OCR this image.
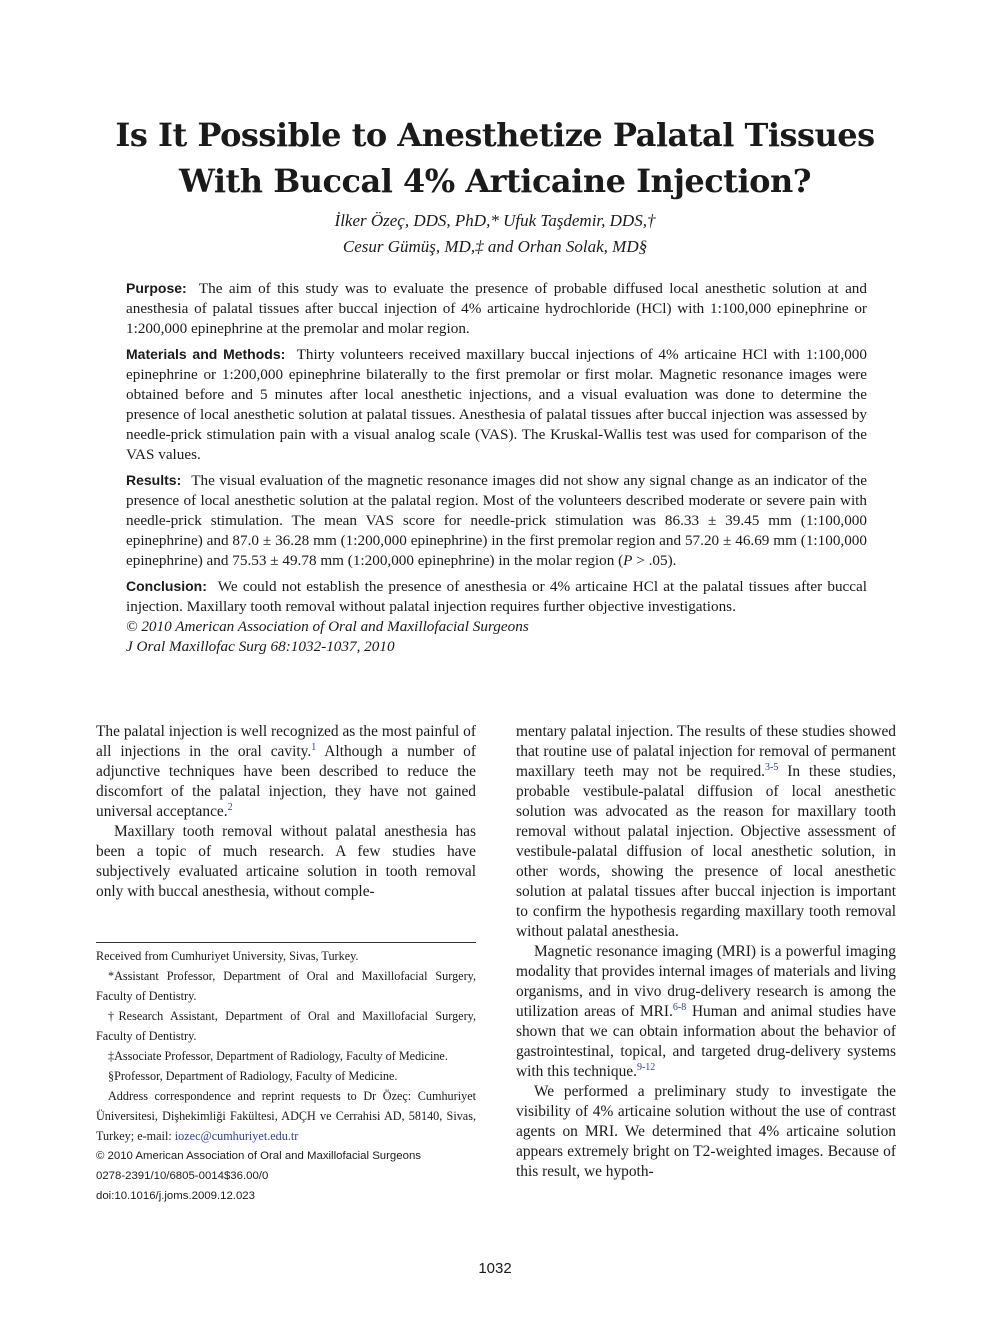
Is It Possible to Anesthetize Palatal Tissues
With Buccal 4% Articaine Injection?
İlker Özeç, DDS, PhD,* Ufuk Taşdemir, DDS,†
Cesur Gümüş, MD,‡ and Orhan Solak, MD§

Purpose: The aim of this study was to evaluate the presence of probable diffused local anesthetic solution at and anesthesia of palatal tissues after buccal injection of 4% articaine hydrochloride (HCl) with 1:100,000 epinephrine or 1:200,000 epinephrine at the premolar and molar region.

Materials and Methods: Thirty volunteers received maxillary buccal injections of 4% articaine HCl with 1:100,000 epinephrine or 1:200,000 epinephrine bilaterally to the first premolar or first molar. Magnetic resonance images were obtained before and 5 minutes after local anesthetic injections, and a visual evaluation was done to determine the presence of local anesthetic solution at palatal tissues. Anesthesia of palatal tissues after buccal injection was assessed by needle-prick stimulation pain with a visual analog scale (VAS). The Kruskal-Wallis test was used for comparison of the VAS values.

Results: The visual evaluation of the magnetic resonance images did not show any signal change as an indicator of the presence of local anesthetic solution at the palatal region. Most of the volunteers described moderate or severe pain with needle-prick stimulation. The mean VAS score for needle-prick stimulation was 86.33 ± 39.45 mm (1:100,000 epinephrine) and 87.0 ± 36.28 mm (1:200,000 epinephrine) in the first premolar region and 57.20 ± 46.69 mm (1:100,000 epinephrine) and 75.53 ± 49.78 mm (1:200,000 epinephrine) in the molar region (P > .05).

Conclusion: We could not establish the presence of anesthesia or 4% articaine HCl at the palatal tissues after buccal injection. Maxillary tooth removal without palatal injection requires further objective investigations.

© 2010 American Association of Oral and Maxillofacial Surgeons

J Oral Maxillofac Surg 68:1032-1037, 2010

The palatal injection is well recognized as the most painful of all injections in the oral cavity.$^1$ Although a number of adjunctive techniques have been described to reduce the discomfort of the palatal injection, they have not gained universal acceptance.$^2$

Maxillary tooth removal without palatal anesthesia has been a topic of much research. A few studies have subjectively evaluated articaine solution in tooth removal only with buccal anesthesia, without comple-

Received from Cumhuriyet University, Sivas, Turkey.

*Assistant Professor, Department of Oral and Maxillofacial Surgery, Faculty of Dentistry.

†Research Assistant, Department of Oral and Maxillofacial Surgery, Faculty of Dentistry.

‡Associate Professor, Department of Radiology, Faculty of Medicine.

§Professor, Department of Radiology, Faculty of Medicine.

Address correspondence and reprint requests to Dr Özeç: Cumhuriyet Üniversitesi, Dişhekimliği Fakültesi, ADÇH ve Cerrahisi AD, 58140, Sivas, Turkey; e-mail: iozec@cumhuriyet.edu.tr

© 2010 American Association of Oral and Maxillofacial Surgeons

0278-2391/10/6805-0014$36.00/0

doi:10.1016/j.joms.2009.12.023

mentary palatal injection. The results of these studies showed that routine use of palatal injection for removal of permanent maxillary teeth may not be required.$^{3-5}$ In these studies, probable vestibule-palatal diffusion of local anesthetic solution was advocated as the reason for maxillary tooth removal without palatal injection. Objective assessment of vestibule-palatal diffusion of local anesthetic solution, in other words, showing the presence of local anesthetic solution at palatal tissues after buccal injection is important to confirm the hypothesis regarding maxillary tooth removal without palatal anesthesia.

Magnetic resonance imaging (MRI) is a powerful imaging modality that provides internal images of materials and living organisms, and in vivo drug-delivery research is among the utilization areas of MRI.$^{6-8}$ Human and animal studies have shown that we can obtain information about the behavior of gastrointestinal, topical, and targeted drug-delivery systems with this technique.$^{9-12}$

We performed a preliminary study to investigate the visibility of 4% articaine solution without the use of contrast agents on MRI. We determined that 4% articaine solution appears extremely bright on T2-weighted images. Because of this result, we hypoth-

1032
